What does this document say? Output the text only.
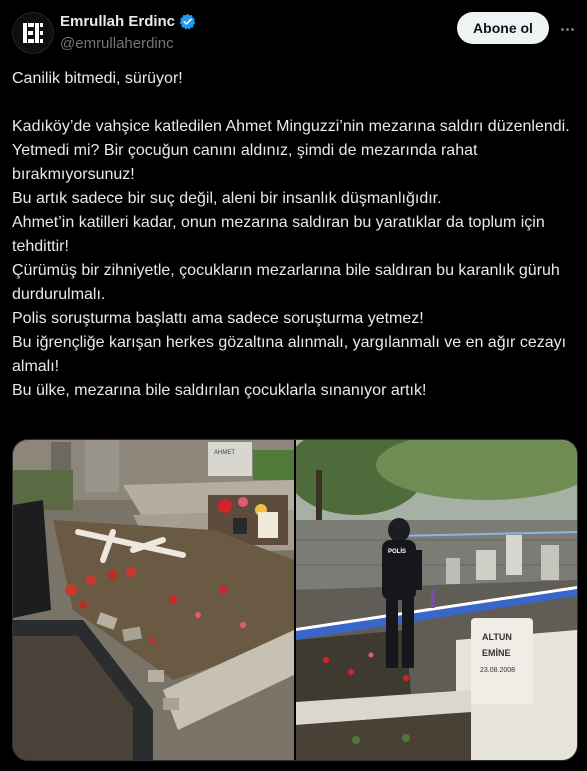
Emrullah Erdinc
@emrullaherdinc
Abone ol

Canilik bitmedi, sürüyor!

Kadıköy’de vahşice katledilen Ahmet Minguzzi’nin mezarına saldırı düzenlendi.

Yetmedi mi? Bir çocuğun canını aldınız, şimdi de mezarında rahat bırakmıyorsunuz!

Bu artık sadece bir suç değil, aleni bir insanlık düşmanlığıdır.

Ahmet’in katilleri kadar, onun mezarına saldıran bu yaratıklar da toplum için tehdittir!

Çürümüş bir zihniyetle, çocukların mezarlarına bile saldıran bu karanlık güruh durdurulmalı.

Polis soruşturma başlattı ama sadece soruşturma yetmez!

Bu iğrençliğe karışan herkes gözaltına alınmalı, yargılanmalı ve en ağır cezayı almalı!

Bu ülke, mezarına bile saldırılan çocuklarla sınanıyor artık!

AHMET
POLİS
ALTUN
EMİNE
23.08.2008
